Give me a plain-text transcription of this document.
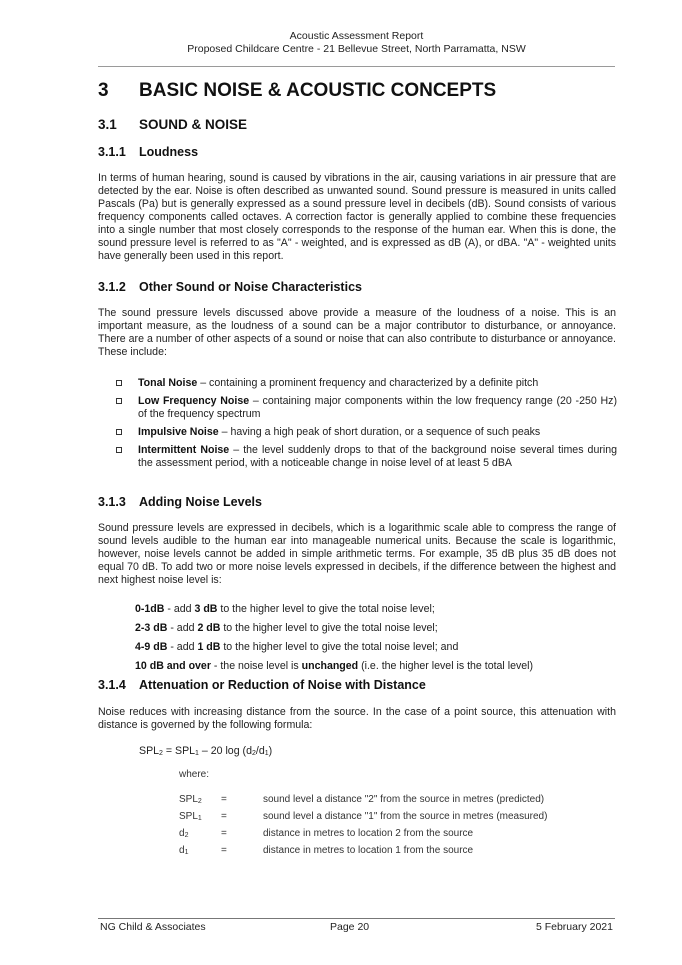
Acoustic Assessment Report
Proposed Childcare Centre - 21 Bellevue Street, North Parramatta, NSW
3 BASIC NOISE & ACOUSTIC CONCEPTS
3.1 SOUND & NOISE
3.1.1 Loudness
In terms of human hearing, sound is caused by vibrations in the air, causing variations in air pressure that are detected by the ear. Noise is often described as unwanted sound. Sound pressure is measured in units called Pascals (Pa) but is generally expressed as a sound pressure level in decibels (dB). Sound consists of various frequency components called octaves. A correction factor is generally applied to combine these frequencies into a single number that most closely corresponds to the response of the human ear. When this is done, the sound pressure level is referred to as "A" - weighted, and is expressed as dB (A), or dBA. "A" - weighted units have generally been used in this report.
3.1.2 Other Sound or Noise Characteristics
The sound pressure levels discussed above provide a measure of the loudness of a noise. This is an important measure, as the loudness of a sound can be a major contributor to disturbance, or annoyance. There are a number of other aspects of a sound or noise that can also contribute to disturbance or annoyance. These include:
Tonal Noise – containing a prominent frequency and characterized by a definite pitch
Low Frequency Noise – containing major components within the low frequency range (20 -250 Hz) of the frequency spectrum
Impulsive Noise – having a high peak of short duration, or a sequence of such peaks
Intermittent Noise – the level suddenly drops to that of the background noise several times during the assessment period, with a noticeable change in noise level of at least 5 dBA
3.1.3 Adding Noise Levels
Sound pressure levels are expressed in decibels, which is a logarithmic scale able to compress the range of sound levels audible to the human ear into manageable numerical units. Because the scale is logarithmic, however, noise levels cannot be added in simple arithmetic terms. For example, 35 dB plus 35 dB does not equal 70 dB. To add two or more noise levels expressed in decibels, if the difference between the highest and next highest noise level is:
0-1dB - add 3 dB to the higher level to give the total noise level;
2-3 dB - add 2 dB to the higher level to give the total noise level;
4-9 dB - add 1 dB to the higher level to give the total noise level; and
10 dB and over - the noise level is unchanged (i.e. the higher level is the total level)
3.1.4 Attenuation or Reduction of Noise with Distance
Noise reduces with increasing distance from the source. In the case of a point source, this attenuation with distance is governed by the following formula:
$SPL_2 = SPL_1 - 20$ $\log (d_2/d_1)$
where:
$SPL_2$	=	sound level a distance "2" from the source in metres (predicted)
$SPL_1$	=	sound level a distance "1" from the source in metres (measured)
$d_2$	=	distance in metres to location 2 from the source
$d_1$	=	distance in metres to location 1 from the source
NG Child & Associates	Page 20	5 February 2021
